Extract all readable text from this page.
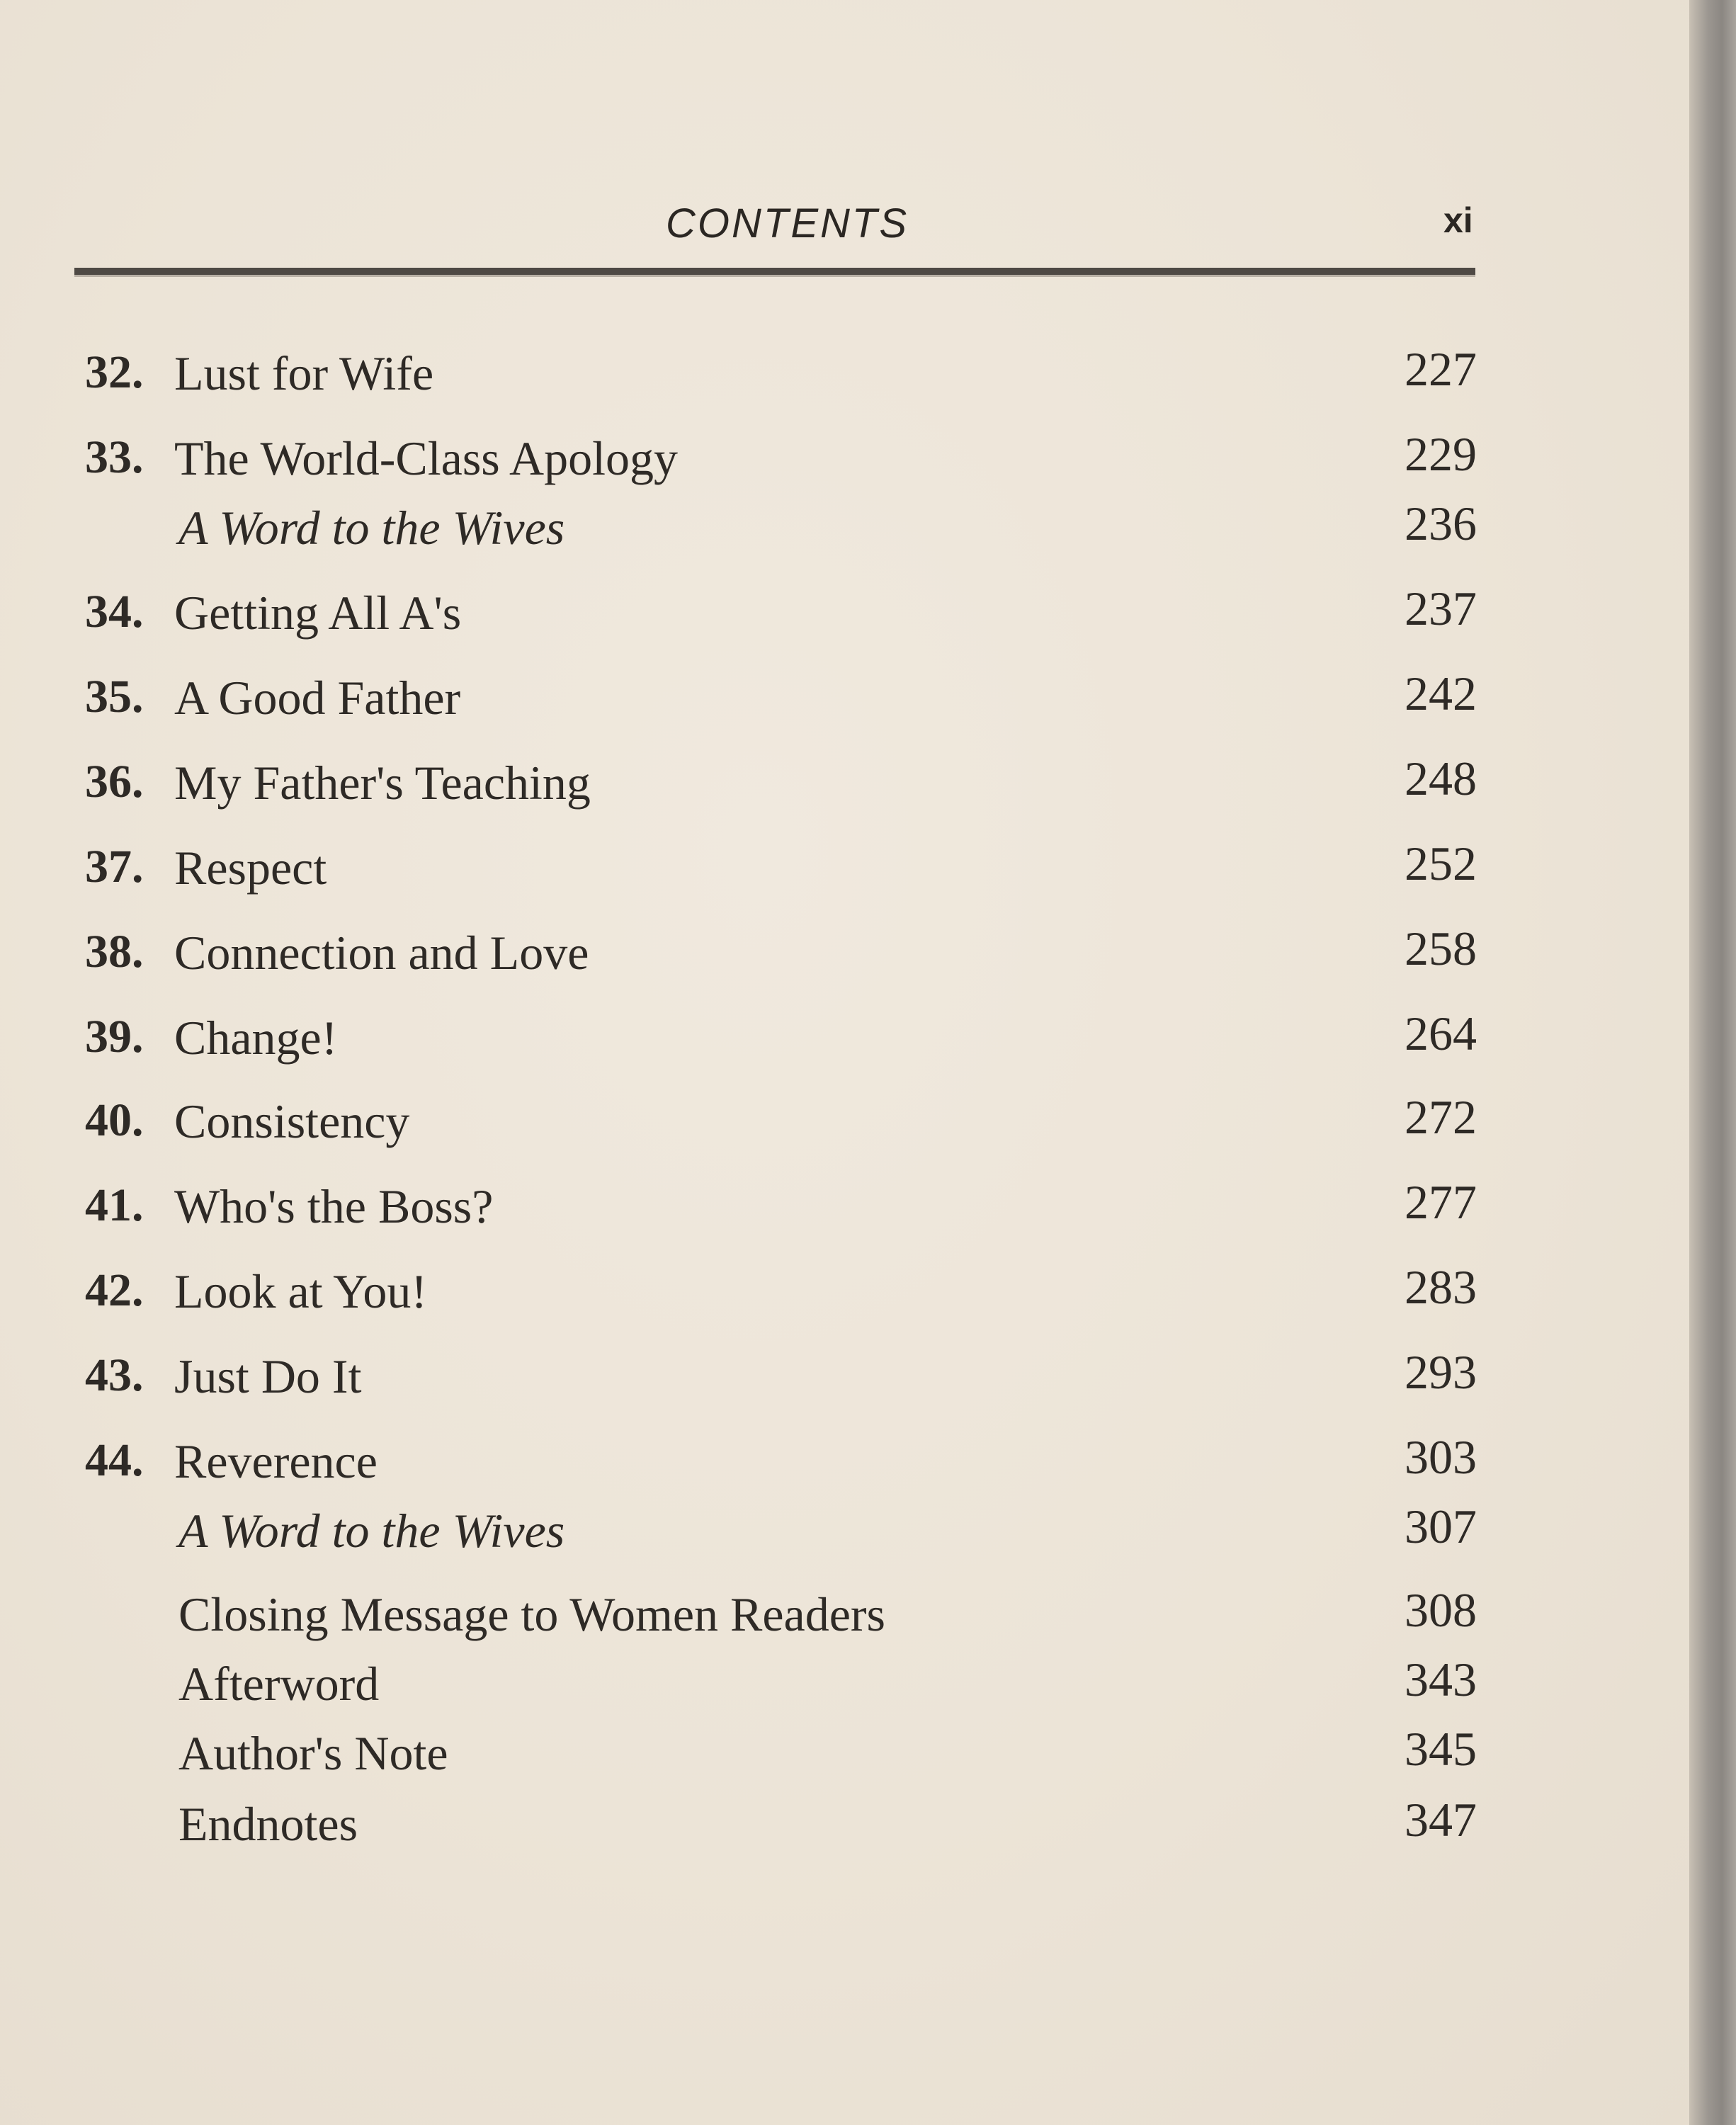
CONTENTS	xi
32. Lust for Wife	227
33. The World-Class Apology	229
A Word to the Wives	236
34. Getting All A's	237
35. A Good Father	242
36. My Father's Teaching	248
37. Respect	252
38. Connection and Love	258
39. Change!	264
40. Consistency	272
41. Who's the Boss?	277
42. Look at You!	283
43. Just Do It	293
44. Reverence	303
A Word to the Wives	307
Closing Message to Women Readers	308
Afterword	343
Author's Note	345
Endnotes	347
